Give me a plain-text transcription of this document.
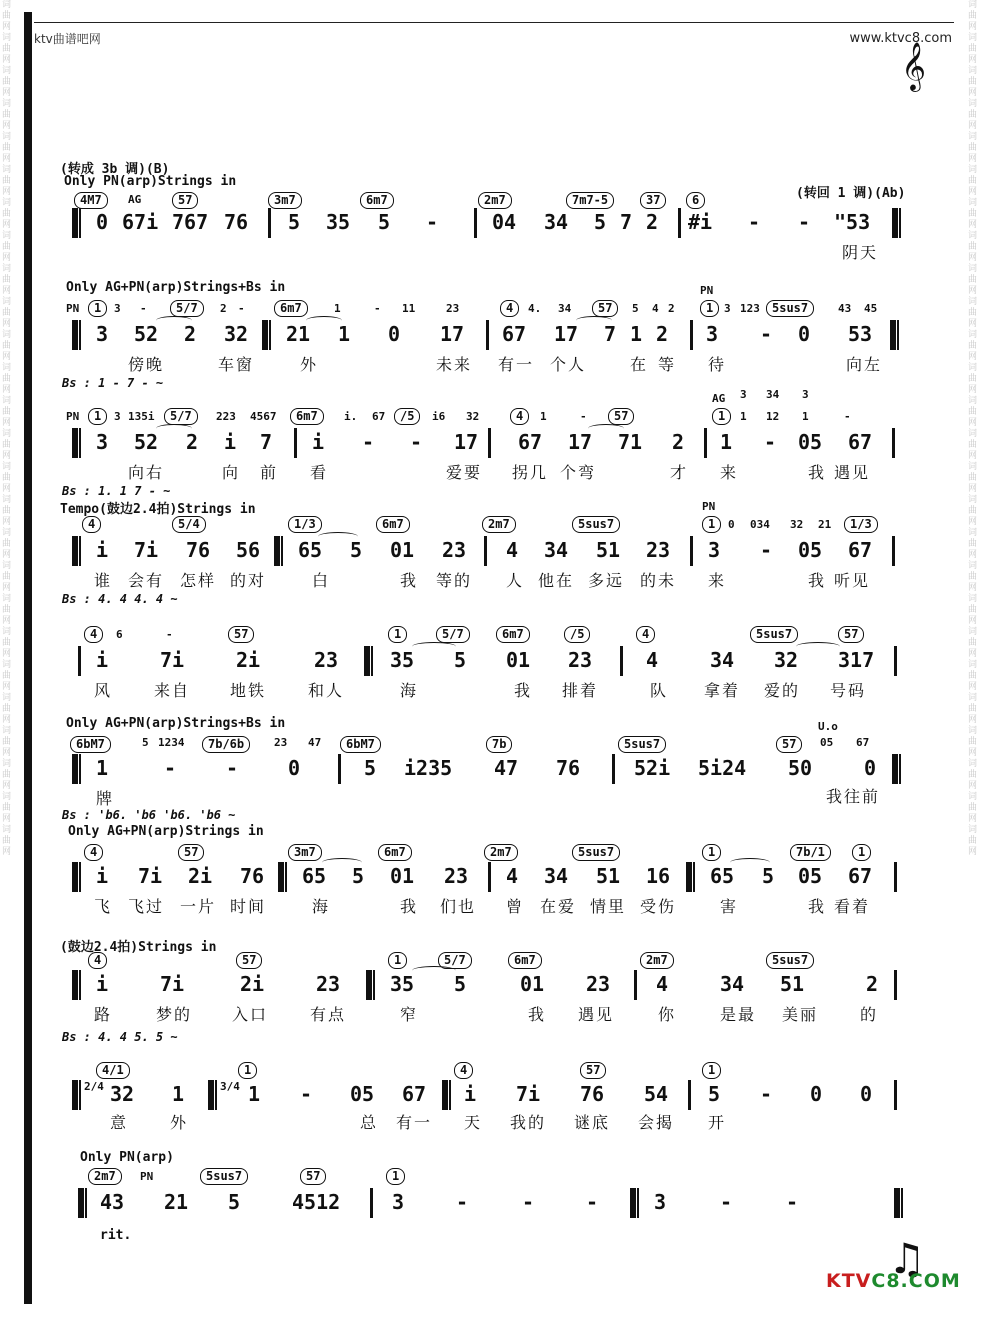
词曲网词曲网词曲网词曲网词曲网词曲网词曲网词曲网词曲网词曲网词曲网词曲网词曲网词曲网词曲网词曲网词曲网词曲网词曲网词曲网词曲网词曲网词曲网词曲网词曲网词曲网
词曲网词曲网词曲网词曲网词曲网词曲网词曲网词曲网词曲网词曲网词曲网词曲网词曲网词曲网词曲网词曲网词曲网词曲网词曲网词曲网词曲网词曲网词曲网词曲网词曲网词曲网
ktv曲谱吧网	www.ktvc8.com
𝄞
♫
KTVC8.COM
(转成 3b 调)(B)
Only PN(arp)Strings in
(转回 1 调)(Ab)
4M7	AG	57	3m7	6m7	2m7	7m7-5	37	6
0 67i 767 76 5 35 5 -	04 34 5 7 2 #i - - "53
阴天
Only AG+PN(arp)Strings+Bs in
PN	1	3 -	5/7	2 -	6m7	1	- 11	23	4	4. 34	57	5 4 2
PN
1 3 123	5sus7	43 45
3 52 2 32 21 1 0 17 67 17 7 1 2 3 - 0 53
傍晚	车窗	外	未来 有一 个人	在 等 待	向左
Bs : 1 - 7 - ~
PN	1	3 135i	5/7	223 4567	6m7	i. 67	/5	i6 32	4	1	-	57
AG 3 34 3
1	1 12 1	-
3 52 2 i 7 i - - 17 67 17 71 2 1 - 05 67
向右	向 前 看	爱要 拐几 个弯	才 来	我 遇见
Bs : 1. 1 7 - ~
Tempo(鼓边2.4拍)Strings in
4	5/4	1/3	6m7	2m7	5sus7
PN
1	0 034 32 21	1/3
i 7i 76 56 65 5 01 23 4 34 51 23 3 - 05 67
谁 会有 怎样 的对	白	我 等的 人 他在 多远 的未 来	我 听见
Bs : 4. 4 4. 4 ~
4	6	-	57	1	5/7	6m7	/5	4	5sus7	57
i	7i	2i	23	35 5 01 23	4	34 32 317
风	来自 地铁	和人	海	我 排着	队 拿着 爱的 号码
Only AG+PN(arp)Strings+Bs in
6bM7	5 1234	7b/6b	23 47	6bM7	7b	5sus7	57
U.o
05 67
1	- - 0	5 i235 47 76	52i 5i24 50	0
牌	我往前
Bs : 'b6. 'b6 'b6. 'b6 ~
Only AG+PN(arp)Strings in
4	57	3m7	6m7	2m7	5sus7	1	7b/1	1
i 7i 2i 76 65 5 01 23 4 34 51 16 65 5 05 67
飞 飞过 一片 时间	海	我 们也 曾 在爱 情里 受伤	害	我 看着
(鼓边2.4拍)Strings in
4	57	1	5/7	6m7	2m7	5sus7
i	7i	2i	23 35 5	01 23 4	34 51	2
路	梦的 入口	有点	窄	我 遇见	你	是最 美丽	的
Bs : 4. 4 5. 5 ~
4/1	1	4	57	1
2/4 32 1	3/4 1 - 05 67 i 7i 76 54 5 - 0 0
意	外	总 有一 天 我的 谜底 会揭 开
Only PN(arp)
2m7	PN	5sus7	57	1
43 21 5	4512	3	-	-	-	3	-	-
rit.
